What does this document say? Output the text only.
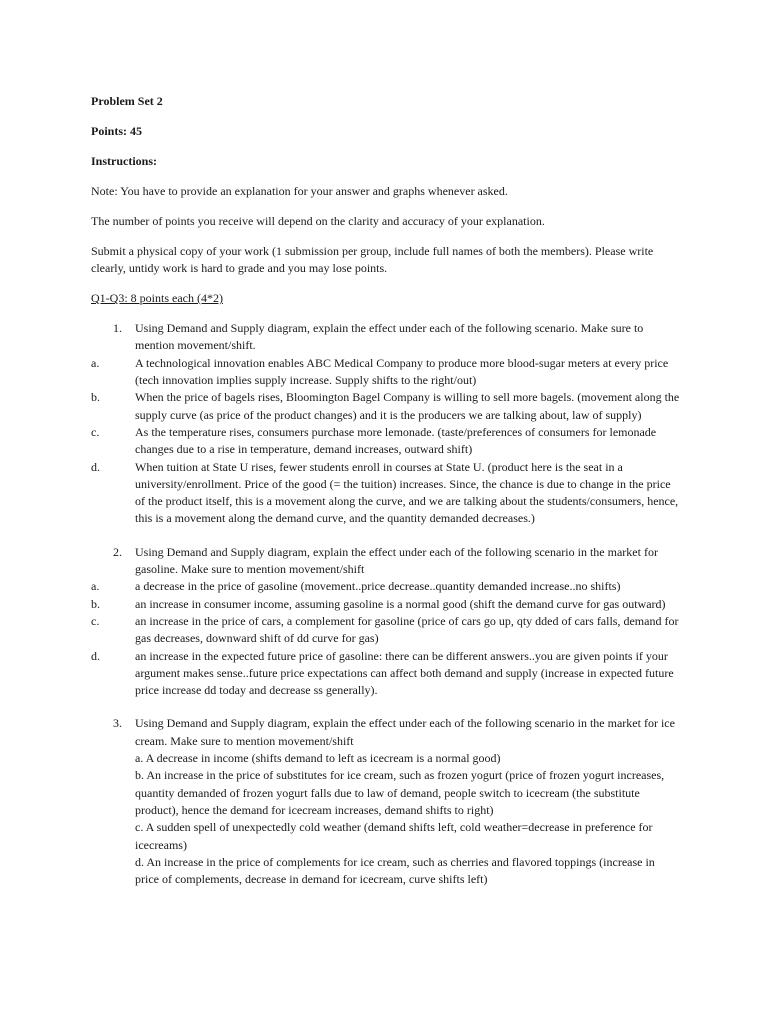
Problem Set 2

Points: 45

Instructions:

Note: You have to provide an explanation for your answer and graphs whenever asked.

The number of points you receive will depend on the clarity and accuracy of your explanation.

Submit a physical copy of your work (1 submission per group, include full names of both the members). Please write clearly, untidy work is hard to grade and you may lose points.

Q1-Q3: 8 points each (4*2)

1. Using Demand and Supply diagram, explain the effect under each of the following scenario. Make sure to mention movement/shift.
a.	A technological innovation enables ABC Medical Company to produce more blood-sugar meters at every price (tech innovation implies supply increase. Supply shifts to the right/out)
b.	When the price of bagels rises, Bloomington Bagel Company is willing to sell more bagels. (movement along the supply curve (as price of the product changes) and it is the producers we are talking about, law of supply)
c.	As the temperature rises, consumers purchase more lemonade. (taste/preferences of consumers for lemonade changes due to a rise in temperature, demand increases, outward shift)
d.	When tuition at State U rises, fewer students enroll in courses at State U. (product here is the seat in a university/enrollment. Price of the good (= the tuition) increases. Since, the chance is due to change in the price of the product itself, this is a movement along the curve, and we are talking about the students/consumers, hence, this is a movement along the demand curve, and the quantity demanded decreases.)
2. Using Demand and Supply diagram, explain the effect under each of the following scenario in the market for gasoline. Make sure to mention movement/shift
a.	a decrease in the price of gasoline (movement..price decrease..quantity demanded increase..no shifts)
b.	an increase in consumer income, assuming gasoline is a normal good (shift the demand curve for gas outward)
c.	an increase in the price of cars, a complement for gasoline (price of cars go up, qty dded of cars falls, demand for gas decreases, downward shift of dd curve for gas)
d.	an increase in the expected future price of gasoline: there can be different answers..you are given points if your argument makes sense..future price expectations can affect both demand and supply (increase in expected future price increase dd today and decrease ss generally).
3. Using Demand and Supply diagram, explain the effect under each of the following scenario in the market for ice cream. Make sure to mention movement/shift
a. A decrease in income (shifts demand to left as icecream is a normal good)
b. An increase in the price of substitutes for ice cream, such as frozen yogurt (price of frozen yogurt increases, quantity demanded of frozen yogurt falls due to law of demand, people switch to icecream (the substitute product), hence the demand for icecream increases, demand shifts to right)
c. A sudden spell of unexpectedly cold weather (demand shifts left, cold weather=decrease in preference for icecreams)
d. An increase in the price of complements for ice cream, such as cherries and flavored toppings (increase in price of complements, decrease in demand for icecream, curve shifts left)
